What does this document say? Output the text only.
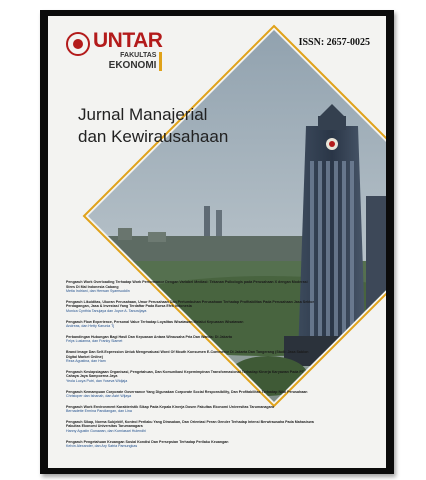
UNTAR
FAKULTAS
EKONOMI
ISSN: 2657-0025
Jurnal Manajerial
dan Kewirausahaan
Pengaruh Work Overloading Terhadap Work Performance Dengan Variabel Mediasi: Tekanan Psikologis pada Perusahaan X dengan Moderasi Stres Di Mal Indonesia Cabang
Metia Indriani, dan Herwan Syamsuddin
Pengaruh Likuiditas, Ukuran Perusahaan, Umur Perusahaan Dan Pertumbuhan Perusahaan Terhadap Profitabilitas Pada Perusahaan Jasa Sektor Perdagangan, Jasa & Investasi Yang Terdaftar Pada Bursa Efek Indonesia
Monica Cynthia Tanujaya dan Joyce A. Tanuwijaya
Pengaruh Flow Experience, Personal Value Terhadap Loyalitas Wisatawan Melalui Kepuasan Wisatawan
Andreas, dan Hetty Karunia Tj
Perbandingan Hubungan Bagi Hasil Dan Kepuasan Antara Wirausaha Pria Dan Wanita: Di Jakarta
Felys Lusianna, dan Franky Slamet
Brand Image Dan Self-Expression Untuk Mengevaluasi Word Of Mouth Konsumen E-Commerce Di Jakarta Dan Tangerang (Studi: Jasa Sablon Digital Market Online)
Reza Agustina, dan Ham
Pengaruh Kesiapsiagaan Organisasi, Pengetahuan, Dan Komunikasi Kepemimpinan Transformasional Terhadap Kinerja Karyawan Pada PT Cahaya Jaya Sampoerna Jaya
Yeola Lucya Putri, dan Yoseva Widjaja
Pengaruh Kemampuan Corporate Governance Yang Digunakan Corporate Social Responsibility, Dan Profitabilitas Terhadap Nilai Perusahaan
Christoper dan Ishanah, dan Astri Wijaya
Pengaruh Work Environment Karakteristik Sikap Pada Kepala Kinerja Dosen Fakultas Ekonomi Universitas Tarumanagara
Bernadette Ermina Pandiangan, dan Lina
Pengaruh Sikap, Norma Subjektif, Kontrol Perilaku Yang Dirasakan, Dan Orientasi Peran Gender Terhadap Intensi Berwirausaha Pada Mahasiswa Fakultas Ekonomi Universitas Tarumanagara
Hanny Agustin Gunawan, dan Kurniasari Hulendhi
Pengaruh Pengetahuan Keuangan Sosial Kondisi Dan Persepsian Terhadap Perilaku Keuangan
Kelvin Alexander, dan Ary Satria Pamungkas
